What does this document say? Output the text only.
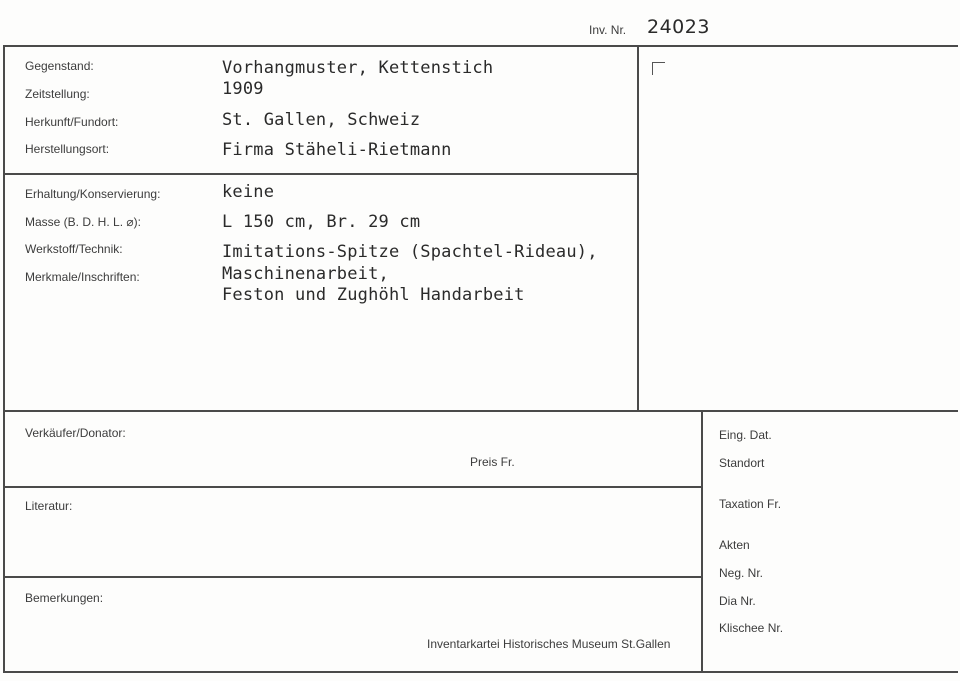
Inv. Nr. 24023
Gegenstand:
Zeitstellung:
Herkunft/Fundort:
Herstellungsort:
Vorhangmuster, Kettenstich
1909
St. Gallen, Schweiz
Firma Stäheli-Rietmann
Erhaltung/Konservierung:
Masse (B. D. H. L. ⌀):
Werkstoff/Technik:
Merkmale/Inschriften:
keine
L 150 cm, Br. 29 cm
Imitations-Spitze (Spachtel-Rideau),
Maschinenarbeit,
Feston und Zughöhl Handarbeit
Verkäufer/Donator:
Preis Fr.
Literatur:
Bemerkungen:
Inventarkartei Historisches Museum St.Gallen
Eing. Dat.
Standort
Taxation Fr.
Akten
Neg. Nr.
Dia Nr.
Klischee Nr.
